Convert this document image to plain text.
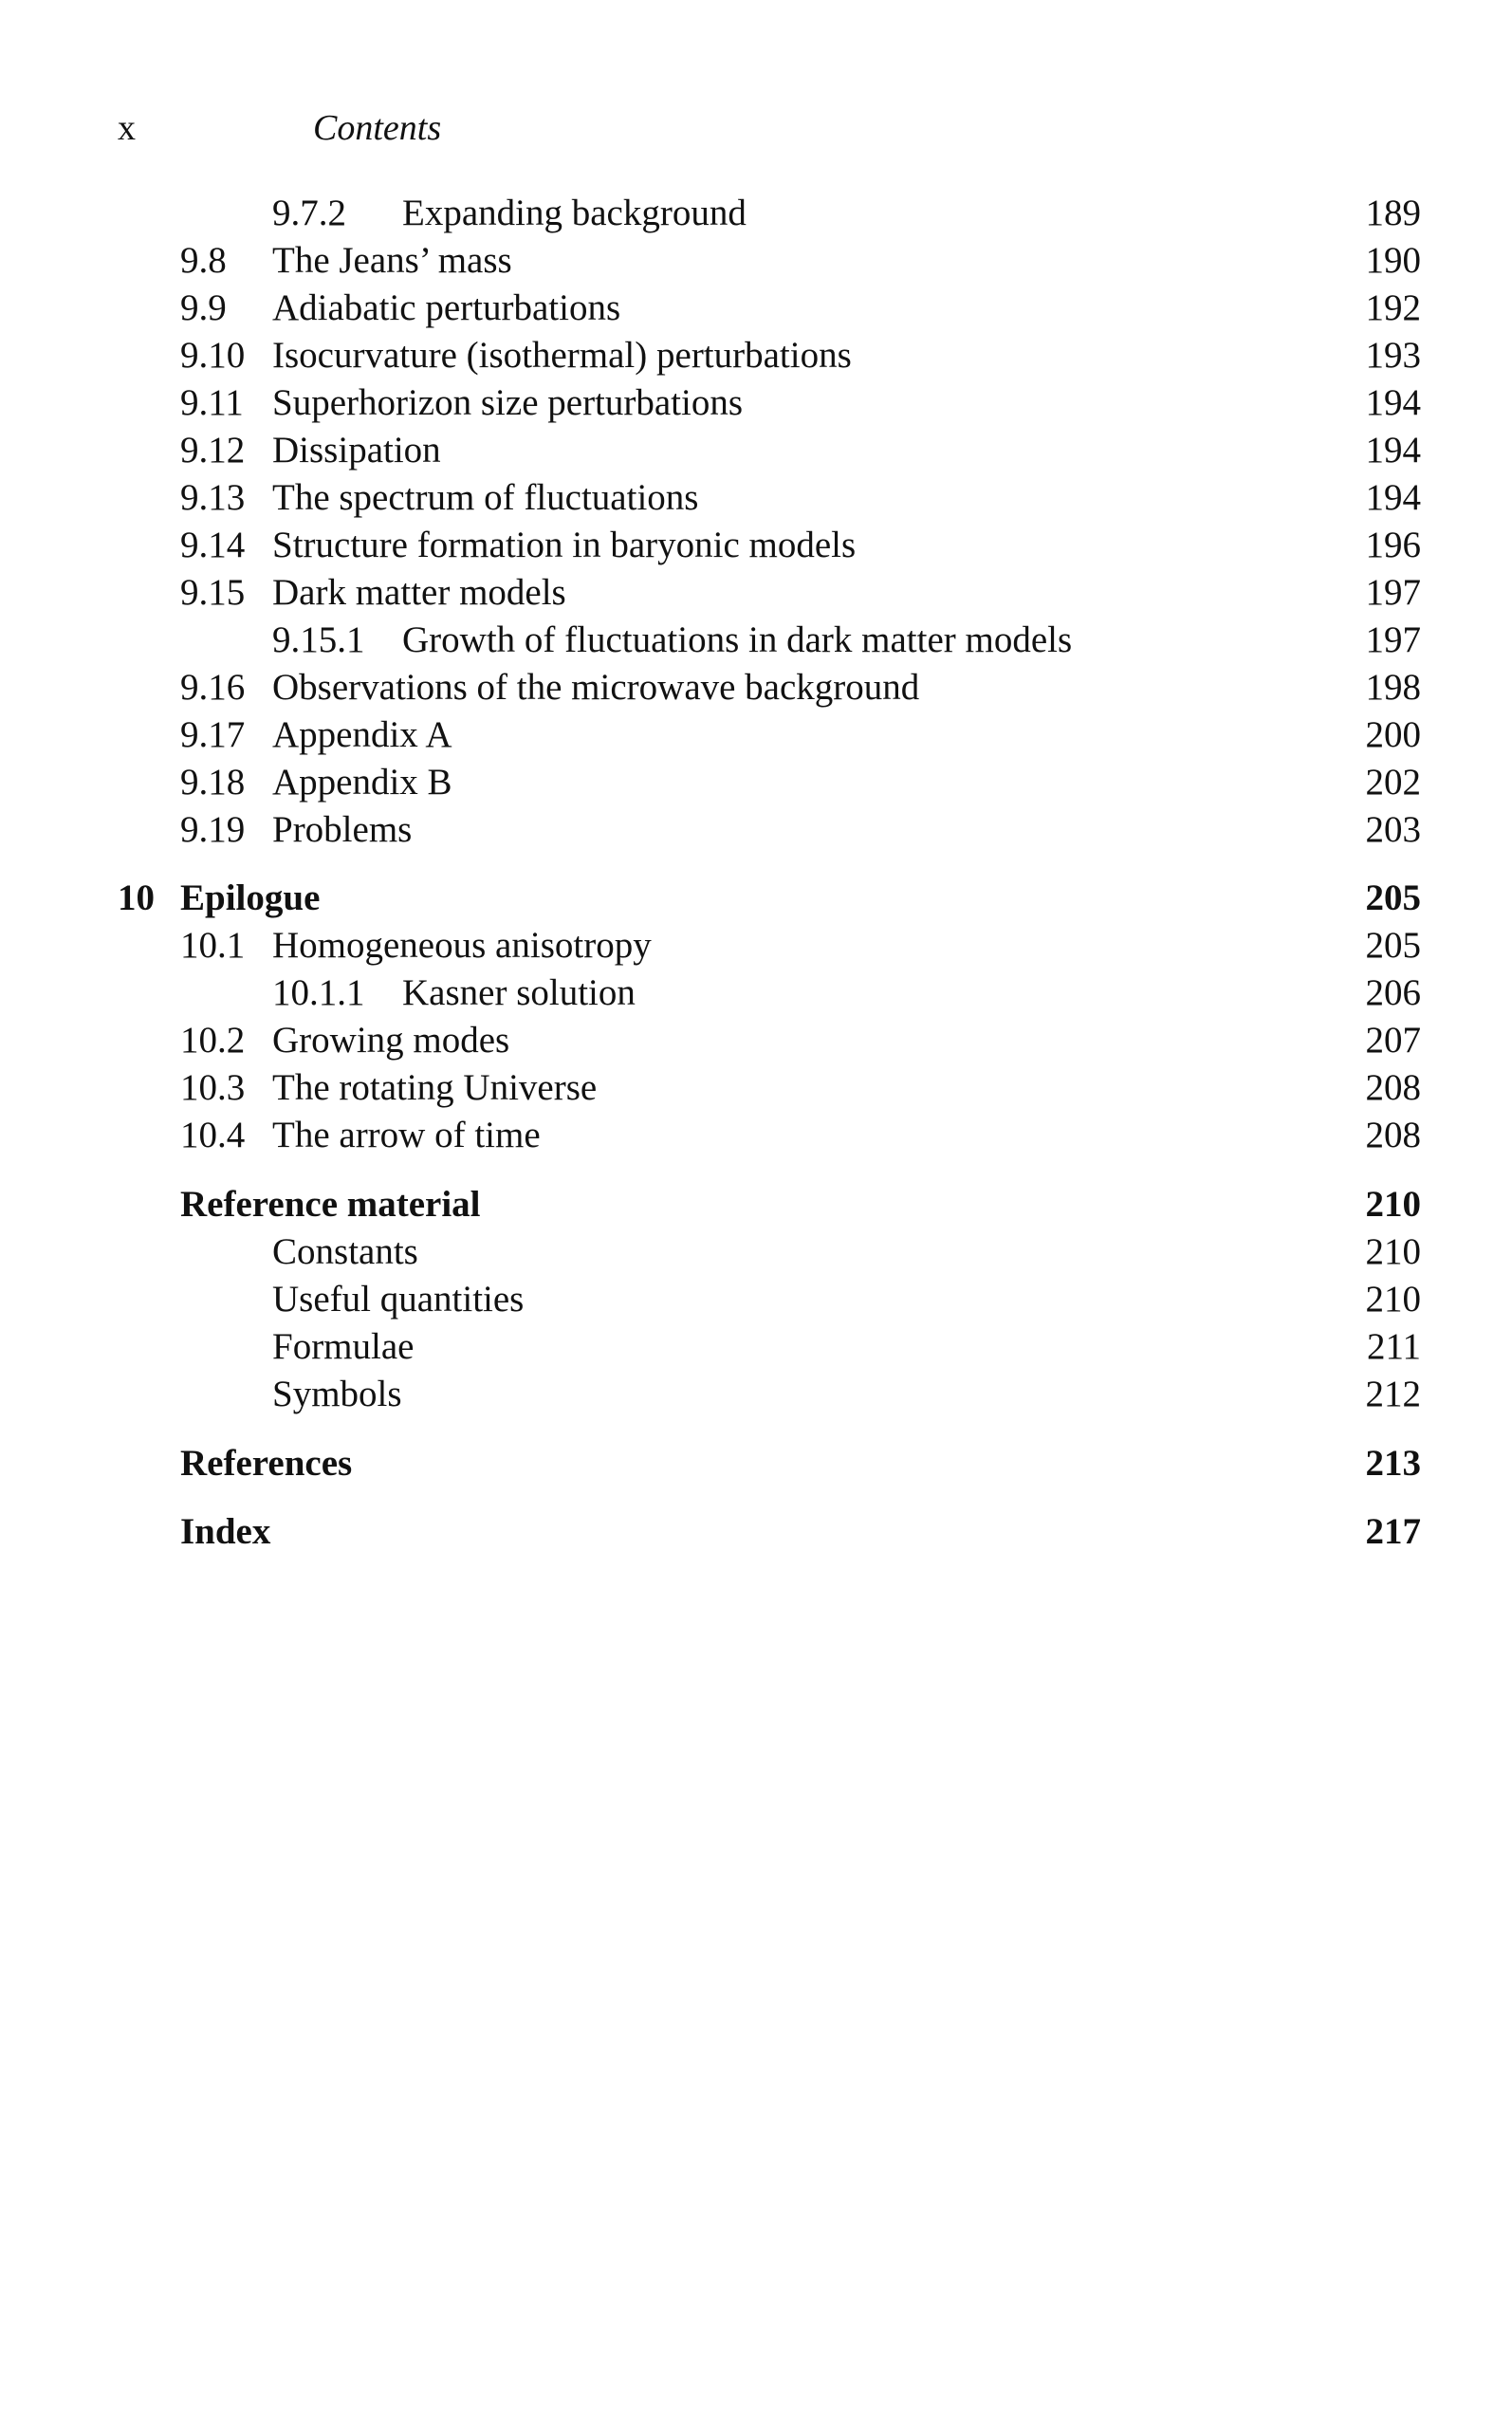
x	Contents
9.7.2 Expanding background	189
9.8 The Jeans’ mass	190
9.9 Adiabatic perturbations	192
9.10 Isocurvature (isothermal) perturbations	193
9.11 Superhorizon size perturbations	194
9.12 Dissipation	194
9.13 The spectrum of fluctuations	194
9.14 Structure formation in baryonic models	196
9.15 Dark matter models	197
9.15.1 Growth of fluctuations in dark matter models	197
9.16 Observations of the microwave background	198
9.17 Appendix A	200
9.18 Appendix B	202
9.19 Problems	203
10 Epilogue	205
10.1 Homogeneous anisotropy	205
10.1.1 Kasner solution	206
10.2 Growing modes	207
10.3 The rotating Universe	208
10.4 The arrow of time	208
Reference material	210
Constants	210
Useful quantities	210
Formulae	211
Symbols	212
References	213
Index	217
